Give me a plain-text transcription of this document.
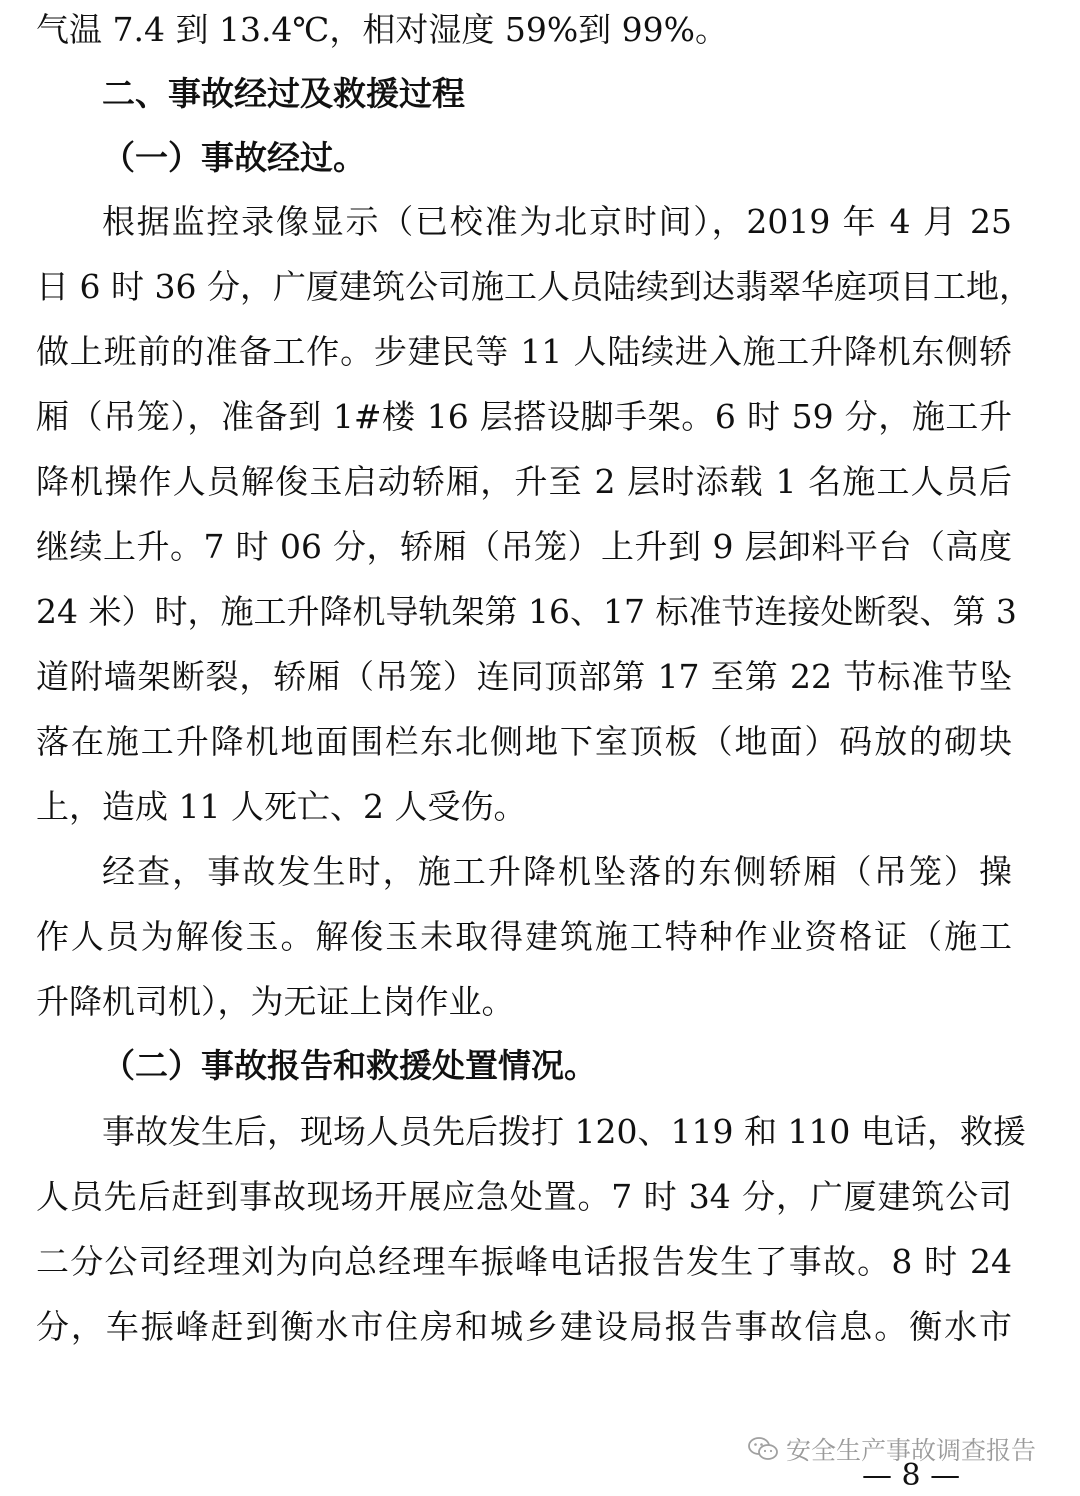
气温 7.4 到 13.4℃，相对湿度 59%到 99%。
二、事故经过及救援过程
（一）事故经过。
根据监控录像显示（已校准为北京时间），2019 年 4 月 25
日 6 时 36 分，广厦建筑公司施工人员陆续到达翡翠华庭项目工地，
做上班前的准备工作。步建民等 11 人陆续进入施工升降机东侧轿
厢（吊笼），准备到 1#楼 16 层搭设脚手架。6 时 59 分，施工升
降机操作人员解俊玉启动轿厢，升至 2 层时添载 1 名施工人员后
继续上升。7 时 06 分，轿厢（吊笼）上升到 9 层卸料平台（高度
24 米）时，施工升降机导轨架第 16、17 标准节连接处断裂、第 3
道附墙架断裂，轿厢（吊笼）连同顶部第 17 至第 22 节标准节坠
落在施工升降机地面围栏东北侧地下室顶板（地面）码放的砌块
上，造成 11 人死亡、2 人受伤。
经查，事故发生时，施工升降机坠落的东侧轿厢（吊笼）操
作人员为解俊玉。解俊玉未取得建筑施工特种作业资格证（施工
升降机司机），为无证上岗作业。
（二）事故报告和救援处置情况。
事故发生后，现场人员先后拨打 120、119 和 110 电话，救援
人员先后赶到事故现场开展应急处置。7 时 34 分，广厦建筑公司
二分公司经理刘为向总经理车振峰电话报告发生了事故。8 时 24
分，车振峰赶到衡水市住房和城乡建设局报告事故信息。衡水市
安全生产事故调查报告
— 8 —
